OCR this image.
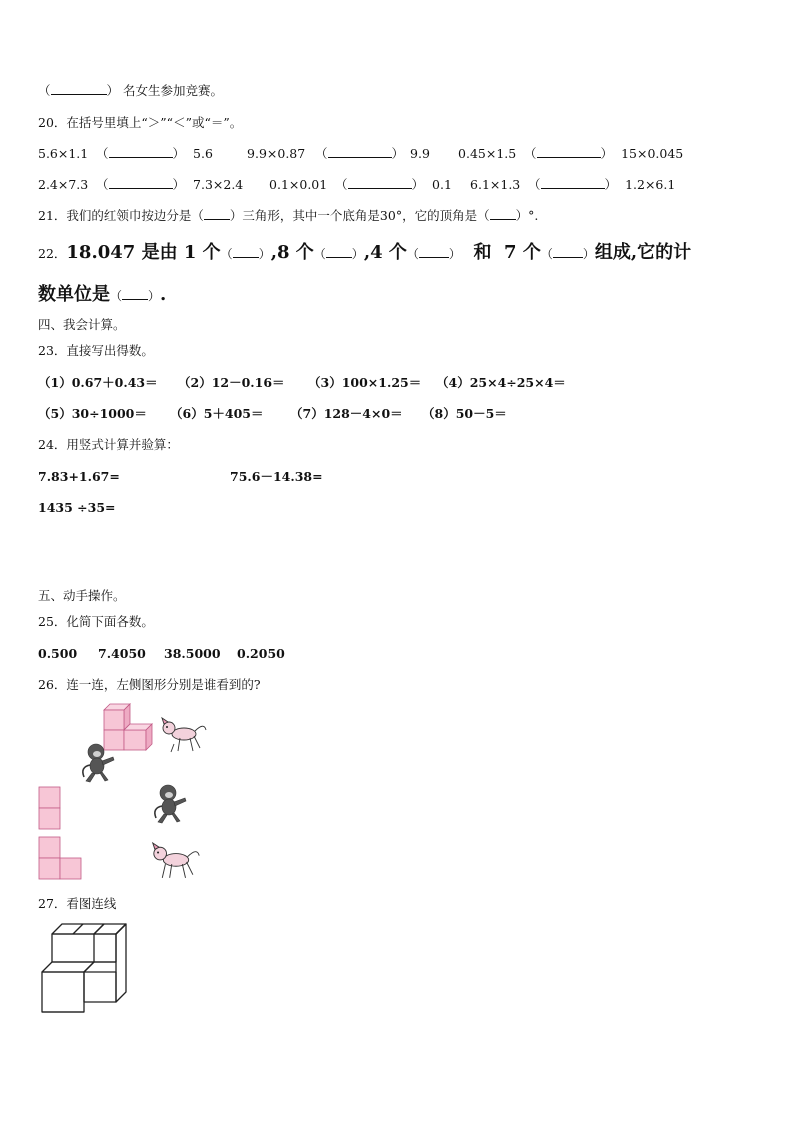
（	） 名女生参加竞赛。
20．在括号里填上“＞”“＜”或“＝”。
5.6×1.1 （	） 5.6	9.9×0.87 （	） 9.9 0.45×1.5 （	） 15×0.045
2.4×7.3 （	） 7.3×2.4 0.1×0.01 （	） 0.1 6.1×1.3 （	） 1.2×6.1
21．我们的红领巾按边分是（ ）三角形，其中一个底角是30°，它的顶角是（ ）°.
22．18.047 是由 1 个（ ）,8 个（ ）,4 个（	） 和 7 个（	）组成,它的计
数单位是（ ）.
四、我会计算。
23．直接写出得数。
（1）0.67＋0.43＝ （2）12－0.16＝ （3）100×1.25＝ （4）25×4÷25×4＝
（5）30÷1000＝ （6）5＋405＝ （7）128－4×0＝ （8）50－5＝
24．用竖式计算并验算：
7.83+1.67=	75.6－14.38=
1435 ÷35=
五、动手操作。
25．化简下面各数。
0.500 7.4050 38.5000 0.2050
26．连一连，左侧图形分别是谁看到的?
27．看图连线
